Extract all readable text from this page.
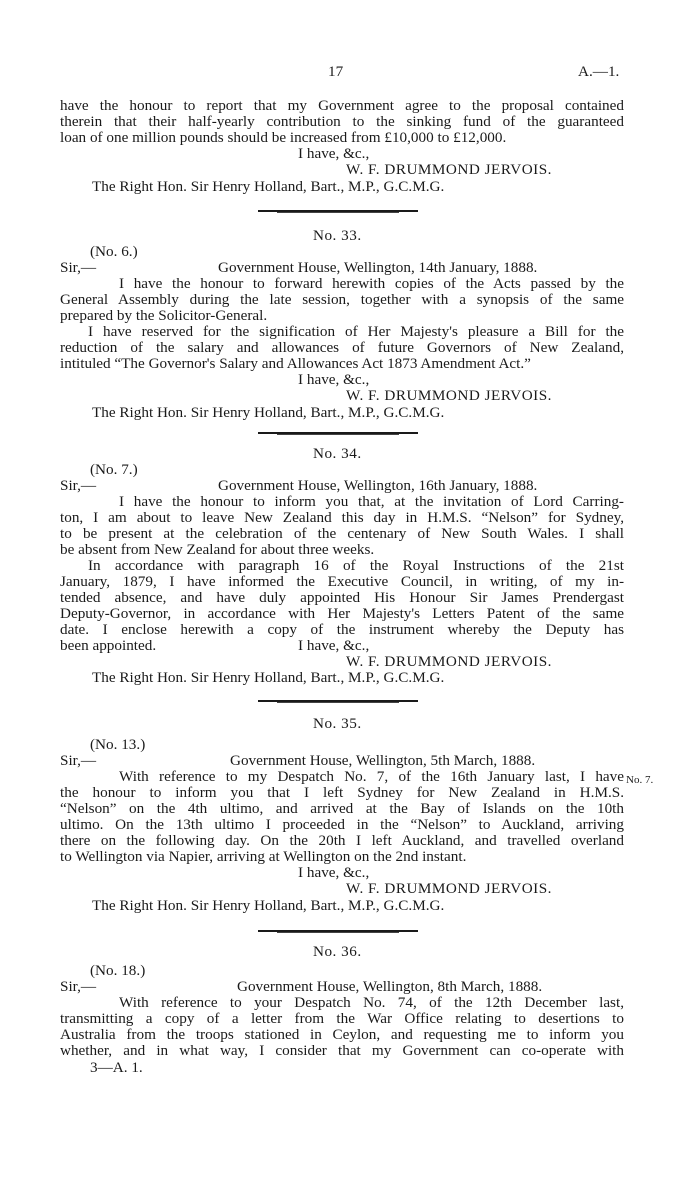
17	A.—1.
have the honour to report that my Government agree to the proposal contained
therein that their half-yearly contribution to the sinking fund of the guaranteed
loan of one million pounds should be increased from £10,000 to £12,000.
I have, &c.,
W. F. DRUMMOND JERVOIS.
The Right Hon. Sir Henry Holland, Bart., M.P., G.C.M.G.
No. 33.
(No. 6.)
Sir,—	Government House, Wellington, 14th January, 1888.
I have the honour to forward herewith copies of the Acts passed by the
General Assembly during the late session, together with a synopsis of the same
prepared by the Solicitor-General.
I have reserved for the signification of Her Majesty's pleasure a Bill for the
reduction of the salary and allowances of future Governors of New Zealand,
intituled “The Governor's Salary and Allowances Act 1873 Amendment Act.”
I have, &c.,
W. F. DRUMMOND JERVOIS.
The Right Hon. Sir Henry Holland, Bart., M.P., G.C.M.G.
No. 34.
(No. 7.)
Sir,—	Government House, Wellington, 16th January, 1888.
I have the honour to inform you that, at the invitation of Lord Carring-
ton, I am about to leave New Zealand this day in H.M.S. “Nelson” for Sydney,
to be present at the celebration of the centenary of New South Wales. I shall
be absent from New Zealand for about three weeks.
In accordance with paragraph 16 of the Royal Instructions of the 21st
January, 1879, I have informed the Executive Council, in writing, of my in-
tended absence, and have duly appointed His Honour Sir James Prendergast
Deputy-Governor, in accordance with Her Majesty's Letters Patent of the same
date. I enclose herewith a copy of the instrument whereby the Deputy has
been appointed.	I have, &c.,
W. F. DRUMMOND JERVOIS.
The Right Hon. Sir Henry Holland, Bart., M.P., G.C.M.G.
No. 35.
(No. 13.)
Sir,—	Government House, Wellington, 5th March, 1888.
With reference to my Despatch No. 7, of the 16th January last, I have No. 7.
the honour to inform you that I left Sydney for New Zealand in H.M.S.
“Nelson” on the 4th ultimo, and arrived at the Bay of Islands on the 10th
ultimo. On the 13th ultimo I proceeded in the “Nelson” to Auckland, arriving
there on the following day. On the 20th I left Auckland, and travelled overland
to Wellington via Napier, arriving at Wellington on the 2nd instant.
I have, &c.,
W. F. DRUMMOND JERVOIS.
The Right Hon. Sir Henry Holland, Bart., M.P., G.C.M.G.
No. 36.
(No. 18.)
Sir,—	Government House, Wellington, 8th March, 1888.
With reference to your Despatch No. 74, of the 12th December last,
transmitting a copy of a letter from the War Office relating to desertions to
Australia from the troops stationed in Ceylon, and requesting me to inform you
whether, and in what way, I consider that my Government can co-operate with
3—A. 1.
